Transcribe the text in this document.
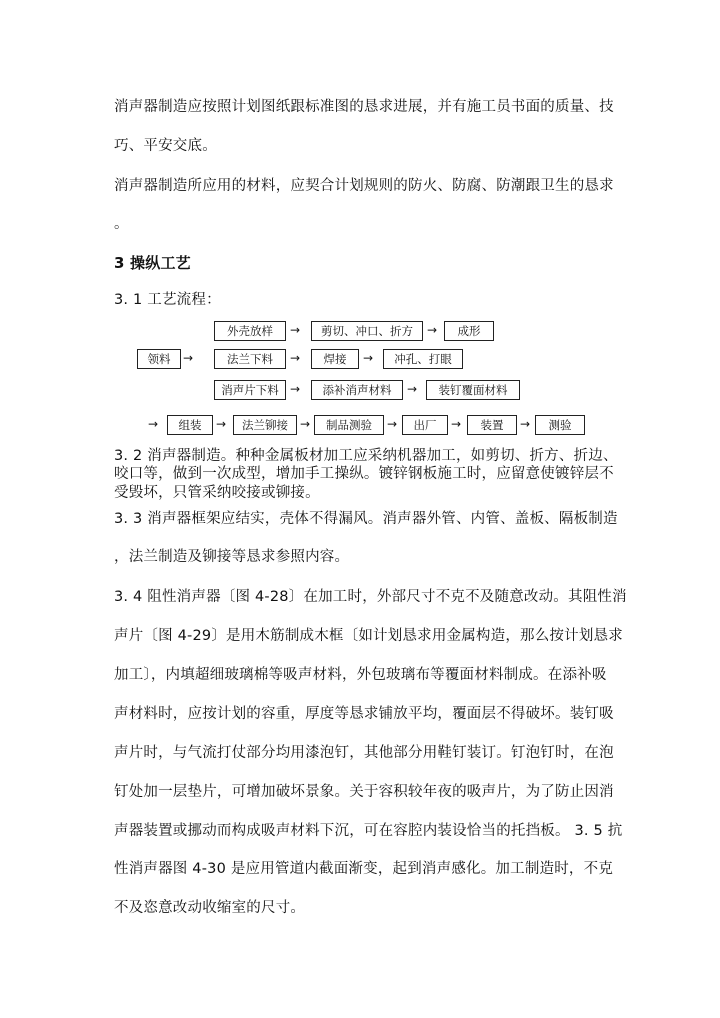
消声器制造应按照计划图纸跟标准图的恳求进展，并有施工员书面的质量、技
巧、平安交底。
消声器制造所应用的材料，应契合计划规则的防火、防腐、防潮跟卫生的恳求
。
3 操纵工艺
3. 1 工艺流程：
领料	→
外壳放样	→	剪切、冲口、折方	→	成形
法兰下料	→	焊接	→	冲孔、打眼
消声片下料 →	添补消声材料	→	装钉覆面材料
→	组装	→	法兰铆接	→	制品测验	→	出厂	→	装置	→	测验
3. 2 消声器制造。种种金属板材加工应采纳机器加工，如剪切、折方、折边、
咬口等，做到一次成型，增加手工操纵。镀锌钢板施工时，应留意使镀锌层不
受毁坏，只管采纳咬接或铆接。
3. 3 消声器框架应结实，壳体不得漏风。消声器外管、内管、盖板、隔板制造
，法兰制造及铆接等恳求参照内容。
3. 4 阻性消声器〔图 4-28〕在加工时，外部尺寸不克不及随意改动。其阻性消
声片〔图 4-29〕是用木筋制成木框〔如计划恳求用金属构造，那么按计划恳求
加工〕，内填超细玻璃棉等吸声材料，外包玻璃布等覆面材料制成。在添补吸
声材料时，应按计划的容重，厚度等恳求铺放平均，覆面层不得破坏。装钉吸
声片时，与气流打仗部分均用漆泡钉，其他部分用鞋钉装订。钉泡钉时，在泡
钉处加一层垫片，可增加破坏景象。关于容积较年夜的吸声片，为了防止因消
声器装置或挪动而构成吸声材料下沉，可在容腔内装设恰当的托挡板。 3. 5 抗
性消声器图 4-30 是应用管道内截面渐变，起到消声感化。加工制造时，不克
不及恣意改动收缩室的尺寸。
